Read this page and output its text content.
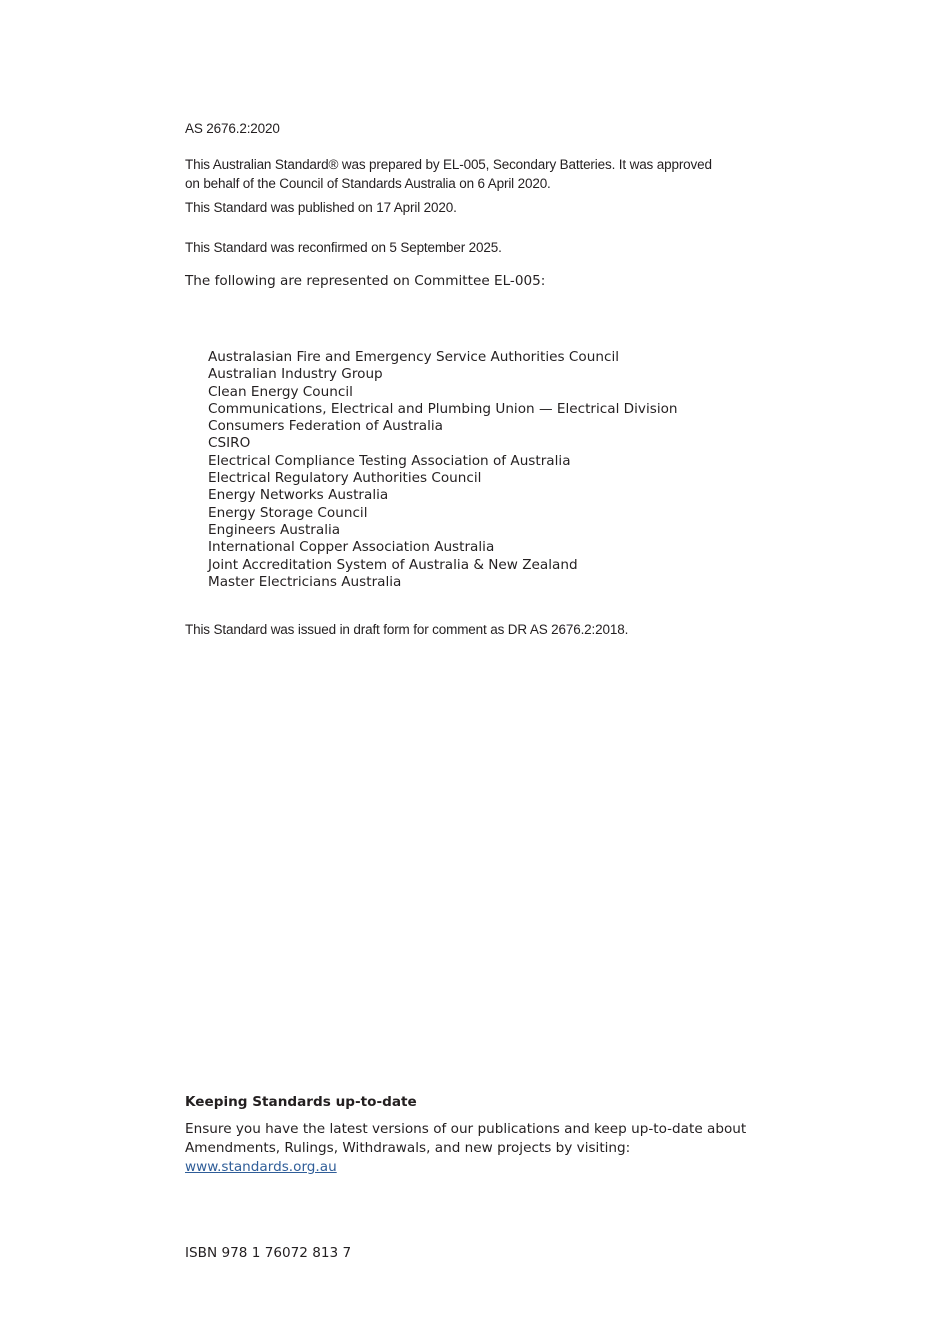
AS 2676.2:2020
This Australian Standard® was prepared by EL-005, Secondary Batteries. It was approved
on behalf of the Council of Standards Australia on 6 April 2020.
This Standard was published on 17 April 2020.
This Standard was reconfirmed on 5 September 2025.
The following are represented on Committee EL-005:
Australasian Fire and Emergency Service Authorities Council
Australian Industry Group
Clean Energy Council
Communications, Electrical and Plumbing Union — Electrical Division
Consumers Federation of Australia
CSIRO
Electrical Compliance Testing Association of Australia
Electrical Regulatory Authorities Council
Energy Networks Australia
Energy Storage Council
Engineers Australia
International Copper Association Australia
Joint Accreditation System of Australia & New Zealand
Master Electricians Australia
This Standard was issued in draft form for comment as DR AS 2676.2:2018.
Keeping Standards up-to-date
Ensure you have the latest versions of our publications and keep up-to-date about
Amendments, Rulings, Withdrawals, and new projects by visiting:
www.standards.org.au
ISBN 978 1 76072 813 7
